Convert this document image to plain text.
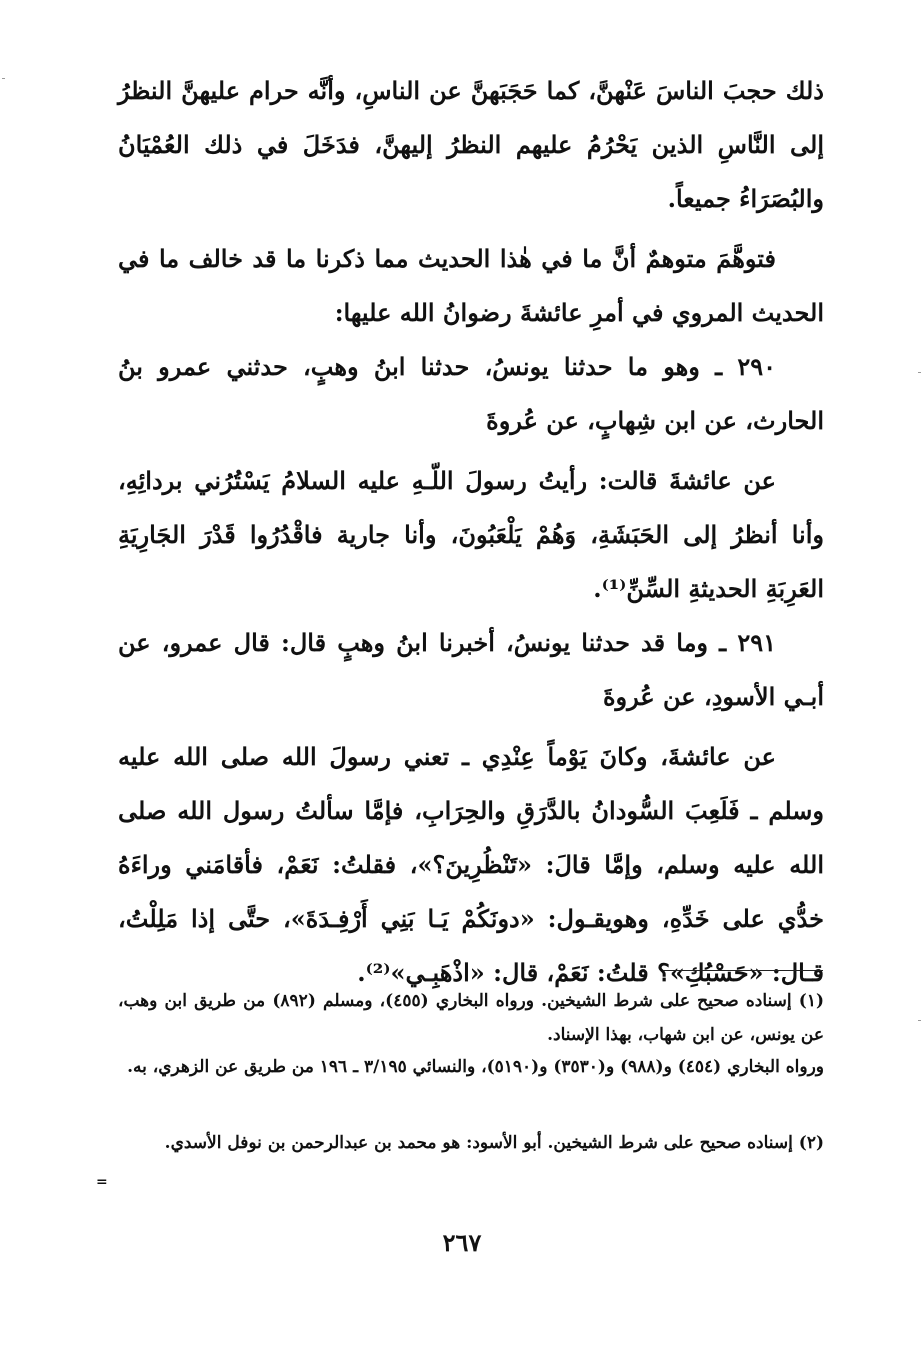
ذلك حجبَ الناسَ عَنْهنَّ، كما حَجَبَهنَّ عن الناسِ، وأنَّه حرام عليهنَّ النظرُ إلى النَّاسِ الذين يَحْرُمُ عليهم النظرُ إليهنَّ، فدَخَلَ في ذلك العُمْيَانُ والبُصَرَاءُ جميعاً.

فتوهَّمَ متوهمٌ أنَّ ما في هٰذا الحديث مما ذكرنا ما قد خالف ما في الحديث المروي في أمرِ عائشةَ رضوانُ الله عليها:

٢٩٠ ـ وهو ما حدثنا يونسُ، حدثنا ابنُ وهبٍ، حدثني عمرو بنُ الحارث، عن ابن شِهابٍ، عن عُروةَ

عن عائشةَ قالت: رأيتُ رسولَ اللّـهِ عليه السلامُ يَسْتُرُني بردائِهِ، وأنا أنظرُ إلى الحَبَشَةِ، وَهُمْ يَلْعَبُونَ، وأنا جارية فاقْدُرُوا قَدْرَ الجَارِيَةِ العَرِبَةِ الحديثةِ السِّنِّ⁽¹⁾.

٢٩١ ـ وما قد حدثنا يونسُ، أخبرنا ابنُ وهبٍ قال: قال عمرو، عن أبـي الأسودِ، عن عُروةَ

عن عائشةَ، وكانَ يَوْماً عِنْدِي ـ تعني رسولَ الله صلى الله عليه وسلم ـ فَلَعِبَ السُّودانُ بالدَّرَقِ والحِرَابِ، فإمَّا سألتُ رسول الله صلى الله عليه وسلم، وإمَّا قالَ: «تَنْظُرِينَ؟»، فقلتُ: نَعَمْ، فأقامَني وراءَهُ خدُّي على خَدِّهِ، وهويقـول: «دونَكُمْ يَـا بَنِي أَرْفِـدَةَ»، حتَّى إذا مَلِلْتُ، قـال: «حَسْبُكِ»؟ قلتُ: نَعَمْ، قال: «اذْهَبِـي»⁽²⁾.

(١) إسناده صحيح على شرط الشيخين. ورواه البخاري (٤٥٥)، ومسلم (٨٩٢) من طريق ابن وهب، عن يونس، عن ابن شهاب، بهذا الإسناد.

ورواه البخاري (٤٥٤) و(٩٨٨) و(٣٥٣٠) و(٥١٩٠)، والنسائي ٣/١٩٥ ـ ١٩٦ من طريق عن الزهري، به.

(٢) إسناده صحيح على شرط الشيخين. أبو الأسود: هو محمد بن عبدالرحمن بن نوفل الأسدي.

=
٢٦٧
